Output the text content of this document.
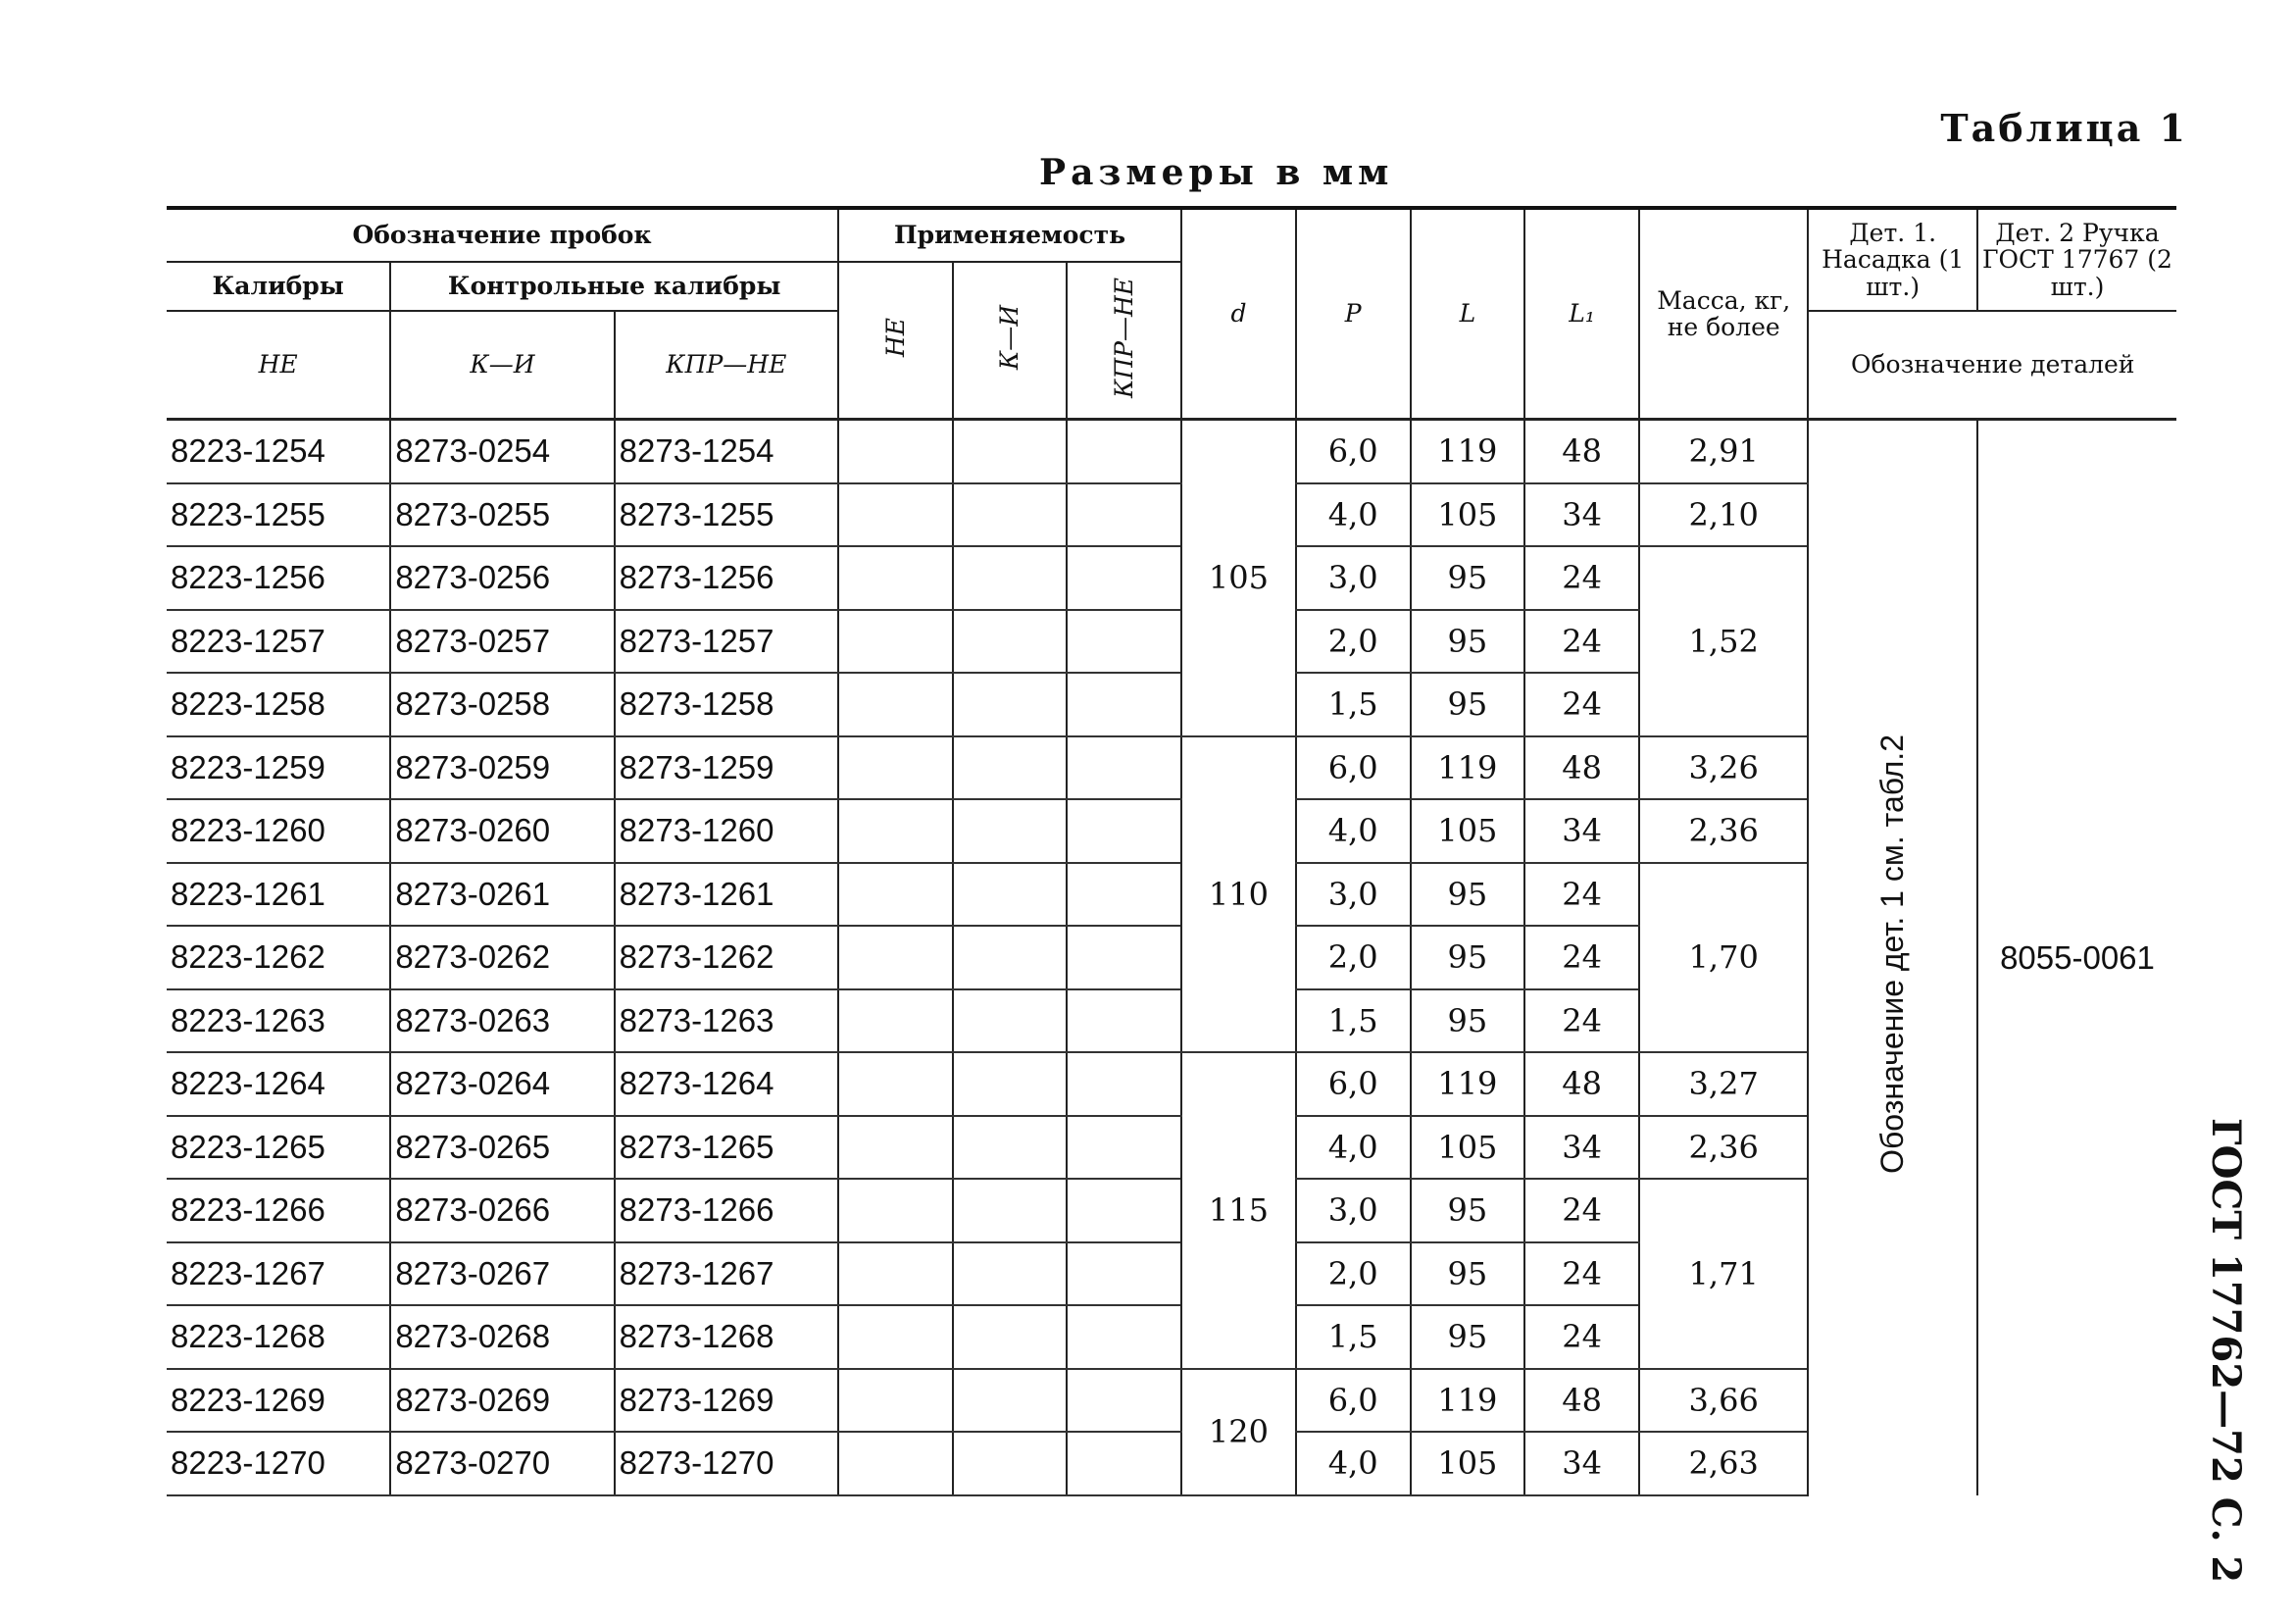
Таблица 1
Размеры в мм
ГОСТ 17762—72 С. 2
Обозначение пробок			Применяемость			d	P	L	L₁	Масса, кг, не более	Дет. 1. Насадка (1 шт.)	Дет. 2 Ручка ГОСТ 17767 (2 шт.)
Калибры	Контрольные калибры		НЕ	К—И	КПР—НЕ							
НЕ	К—И	КПР—НЕ									Обозначение деталей	
8223-1254	8273-0254	8273-1254				105	6,0	119	48	2,91	Обозначение дет. 1 см. табл.2	8055-0061
8223-1255	8273-0255	8273-1255					4,0	105	34	2,10		
8223-1256	8273-0256	8273-1256					3,0	95	24	1,52		
8223-1257	8273-0257	8273-1257					2,0	95	24			
8223-1258	8273-0258	8273-1258					1,5	95	24			
8223-1259	8273-0259	8273-1259				110	6,0	119	48	3,26		
8223-1260	8273-0260	8273-1260					4,0	105	34	2,36		
8223-1261	8273-0261	8273-1261					3,0	95	24	1,70		
8223-1262	8273-0262	8273-1262					2,0	95	24			
8223-1263	8273-0263	8273-1263					1,5	95	24			
8223-1264	8273-0264	8273-1264				115	6,0	119	48	3,27		
8223-1265	8273-0265	8273-1265					4,0	105	34	2,36		
8223-1266	8273-0266	8273-1266					3,0	95	24	1,71		
8223-1267	8273-0267	8273-1267					2,0	95	24			
8223-1268	8273-0268	8273-1268					1,5	95	24			
8223-1269	8273-0269	8273-1269				120	6,0	119	48	3,66		
8223-1270	8273-0270	8273-1270					4,0	105	34	2,63		
